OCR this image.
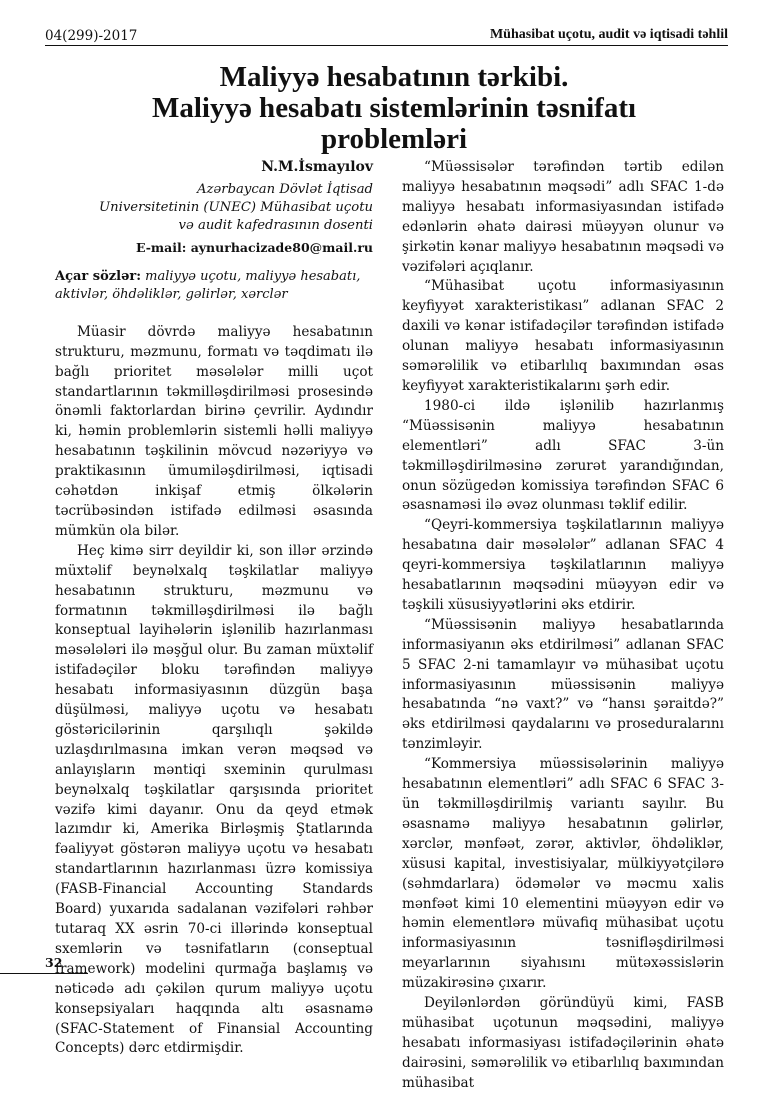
04(299)-2017	Mühasibat uçotu, audit və iqtisadi təhlil
Maliyyə hesabatının tərkibi.
Maliyyə hesabatı sistemlərinin təsnifatı
problemləri
N.M.İsmayılov
Azərbaycan Dövlət İqtisad Universitetinin (UNEC) Mühasibat uçotu və audit kafedrasının dosenti
E-mail: aynurhacizade80@mail.ru
Açar sözlər: maliyyə uçotu, maliyyə hesabatı, aktivlər, öhdəliklər, gəlirlər, xərclər

Müasir dövrdə maliyyə hesabatının strukturu, məzmunu, formatı və təqdimatı ilə bağlı prioritet məsələlər milli uçot standartlarının təkmilləşdirilməsi prosesində önəmli faktorlardan birinə çevrilir. Aydındır ki, həmin problemlərin sistemli həlli maliyyə hesabatının təşkilinin mövcud nəzəriyyə və praktikasının ümumiləşdirilməsi, iqtisadi cəhətdən inkişaf etmiş ölkələrin təcrübəsindən istifadə edilməsi əsasında mümkün ola bilər.

Heç kimə sirr deyildir ki, son illər ərzində müxtəlif beynəlxalq təşkilatlar maliyyə hesabatının strukturu, məzmunu və formatının təkmilləşdirilməsi ilə bağlı konseptual layihələrin işlənilib hazırlanması məsələləri ilə məşğul olur. Bu zaman müxtəlif istifadəçilər bloku tərəfindən maliyyə hesabatı informasiyasının düzgün başa düşülməsi, maliyyə uçotu və hesabatı göstəricilərinin qarşılıqlı şəkildə uzlaşdırılmasına imkan verən məqsəd və anlayışların məntiqi sxeminin qurulması beynəlxalq təşkilatlar qarşısında prioritet vəzifə kimi dayanır. Onu da qeyd etmək lazımdır ki, Amerika Birləşmiş Ştatlarında fəaliyyət göstərən maliyyə uçotu və hesabatı standartlarının hazırlanması üzrə komissiya (FASB-Financial Accounting Standards Board) yuxarıda sadalanan vəzifələri rəhbər tutaraq XX əsrin 70-ci illərində konseptual sxemlərin və təsnifatların (conseptual framework) modelini qurmağa başlamış və nəticədə adı çəkilən qurum maliyyə uçotu konsepsiyaları haqqında altı əsasnamə (SFAC-Statement of Finansial Accounting Concepts) dərc etdirmişdir.

“Müəssisələr tərəfindən tərtib edilən maliyyə hesabatının məqsədi” adlı SFAC 1-də maliyyə hesabatı informasiyasından istifadə edənlərin əhatə dairəsi müəyyən olunur və şirkətin kənar maliyyə hesabatının məqsədi və vəzifələri açıqlanır.

“Mühasibat uçotu informasiyasının keyfiyyət xarakteristikası” adlanan SFAC 2 daxili və kənar istifadəçilər tərəfindən istifadə olunan maliyyə hesabatı informasiyasının səmərəlilik və etibarlılıq baxımından əsas keyfiyyət xarakteristikalarını şərh edir.

1980-ci ildə işlənilib hazırlanmış “Müəssisənin maliyyə hesabatının elementləri” adlı SFAC 3-ün təkmilləşdirilməsinə zərurət yarandığından, onun sözügedən komissiya tərəfindən SFAC 6 əsasnaməsi ilə əvəz olunması təklif edilir.

“Qeyri-kommersiya təşkilatlarının maliyyə hesabatına dair məsələlər” adlanan SFAC 4 qeyri-kommersiya təşkilatlarının maliyyə hesabatlarının məqsədini müəyyən edir və təşkili xüsusiyyətlərini əks etdirir.

“Müəssisənin maliyyə hesabatlarında informasiyanın əks etdirilməsi” adlanan SFAC 5 SFAC 2-ni tamamlayır və mühasibat uçotu informasiyasının müəssisənin maliyyə hesabatında “nə vaxt?” və “hansı şəraitdə?” əks etdirilməsi qaydalarını və proseduralarını tənzimləyir.

“Kommersiya müəssisələrinin maliyyə hesabatının elementləri” adlı SFAC 6 SFAC 3-ün təkmilləşdirilmiş variantı sayılır. Bu əsasnamə maliyyə hesabatının gəlirlər, xərclər, mənfəət, zərər, aktivlər, öhdəliklər, xüsusi kapital, investisiyalar, mülkiyyətçilərə (səhmdarlara) ödəmələr və məcmu xalis mənfəət kimi 10 elementini müəyyən edir və həmin elementlərə müvafiq mühasibat uçotu informasiyasının təsnifləşdirilməsi meyarlarının siyahısını mütəxəssislərin müzakirəsinə çıxarır.

Deyilənlərdən göründüyü kimi, FASB mühasibat uçotunun məqsədini, maliyyə hesabatı informasiyası istifadəçilərinin əhatə dairəsini, səmərəlilik və etibarlılıq baxımından mühasibat

32
